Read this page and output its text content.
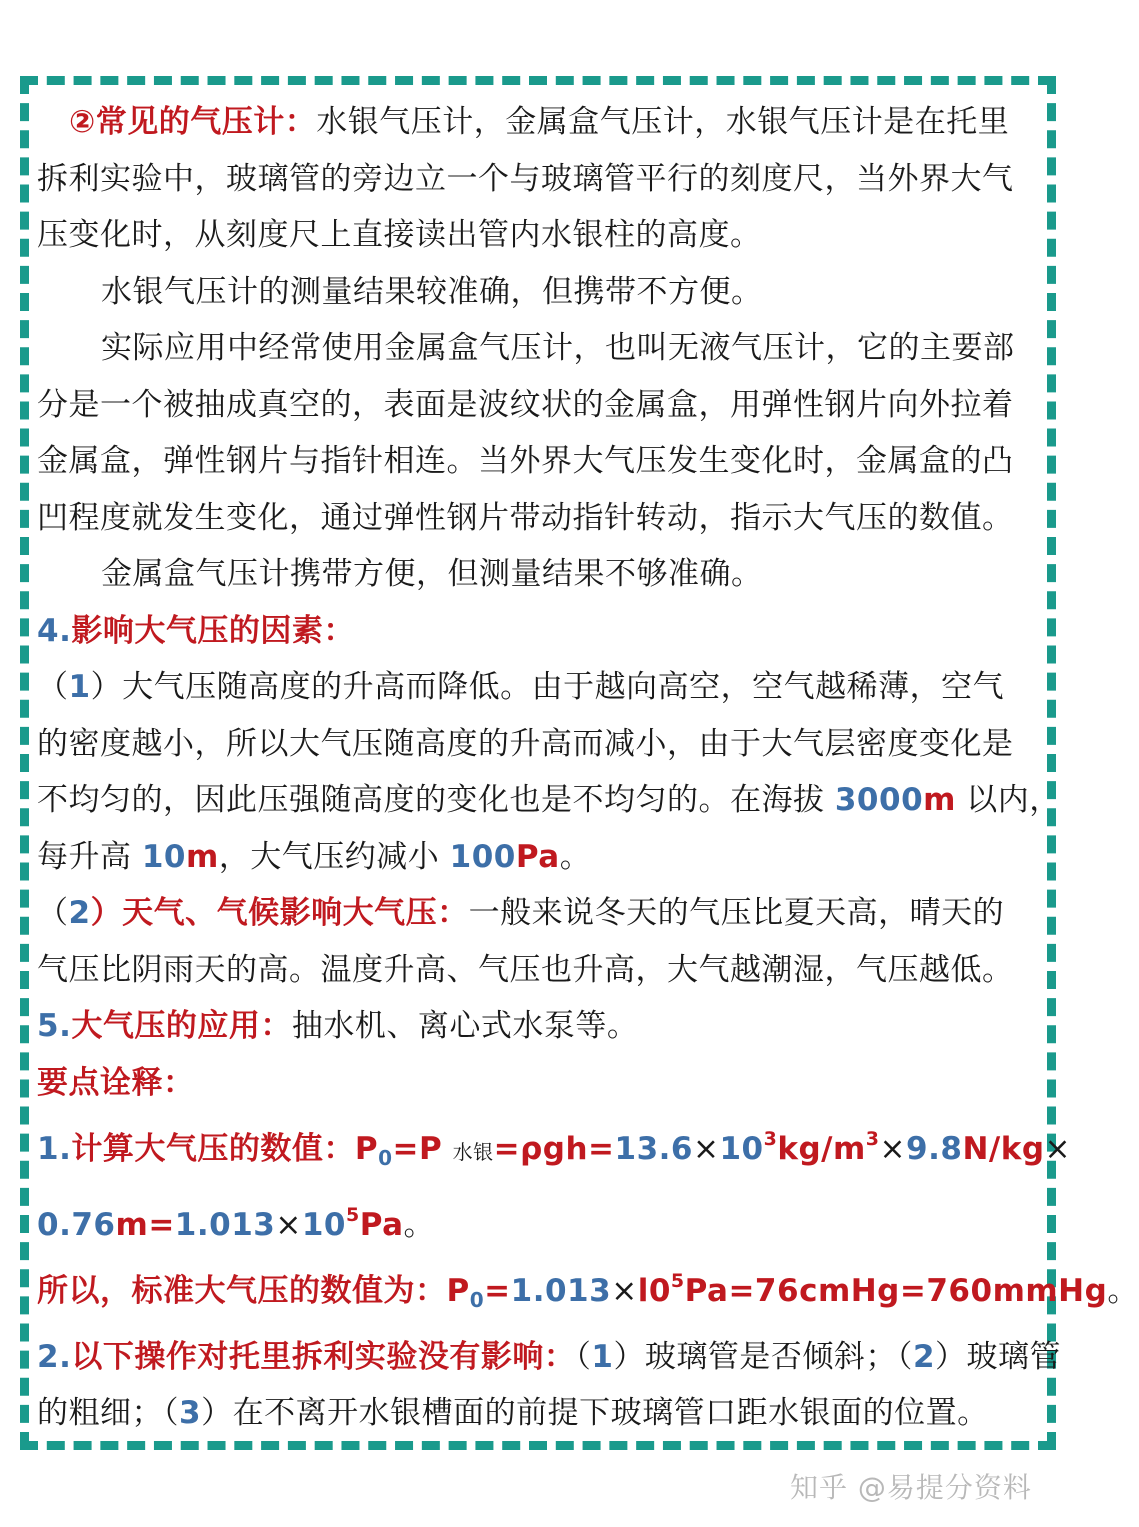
②常见的气压计：水银气压计，金属盒气压计，水银气压计是在托里

拆利实验中，玻璃管的旁边立一个与玻璃管平行的刻度尺，当外界大气

压变化时，从刻度尺上直接读出管内水银柱的高度。

水银气压计的测量结果较准确，但携带不方便。

实际应用中经常使用金属盒气压计，也叫无液气压计，它的主要部

分是一个被抽成真空的，表面是波纹状的金属盒，用弹性钢片向外拉着

金属盒，弹性钢片与指针相连。当外界大气压发生变化时，金属盒的凸

凹程度就发生变化，通过弹性钢片带动指针转动，指示大气压的数值。

金属盒气压计携带方便，但测量结果不够准确。

4.影响大气压的因素：

（1）大气压随高度的升高而降低。由于越向高空，空气越稀薄，空气

的密度越小，所以大气压随高度的升高而减小，由于大气层密度变化是

不均匀的，因此压强随高度的变化也是不均匀的。在海拔 3000m 以内，

每升高 10m，大气压约减小 100Pa。

（2）天气、气候影响大气压：一般来说冬天的气压比夏天高，晴天的

气压比阴雨天的高。温度升高、气压也升高，大气越潮湿，气压越低。

5.大气压的应用：抽水机、离心式水泵等。

要点诠释：

1.计算大气压的数值：$P_0=P$ 水银$=\rho gh=13.6\times 10^3kg/m^3\times 9.8N/kg\times$

$0.76m=1.013\times 10^5Pa$。

所以，标准大气压的数值为：$P_0=1.013\times l0^5Pa=76cmHg=760mmHg$。

2.以下操作对托里拆利实验没有影响：（1）玻璃管是否倾斜；（2）玻璃管

的粗细；（3）在不离开水银槽面的前提下玻璃管口距水银面的位置。

知乎 @易提分资料
